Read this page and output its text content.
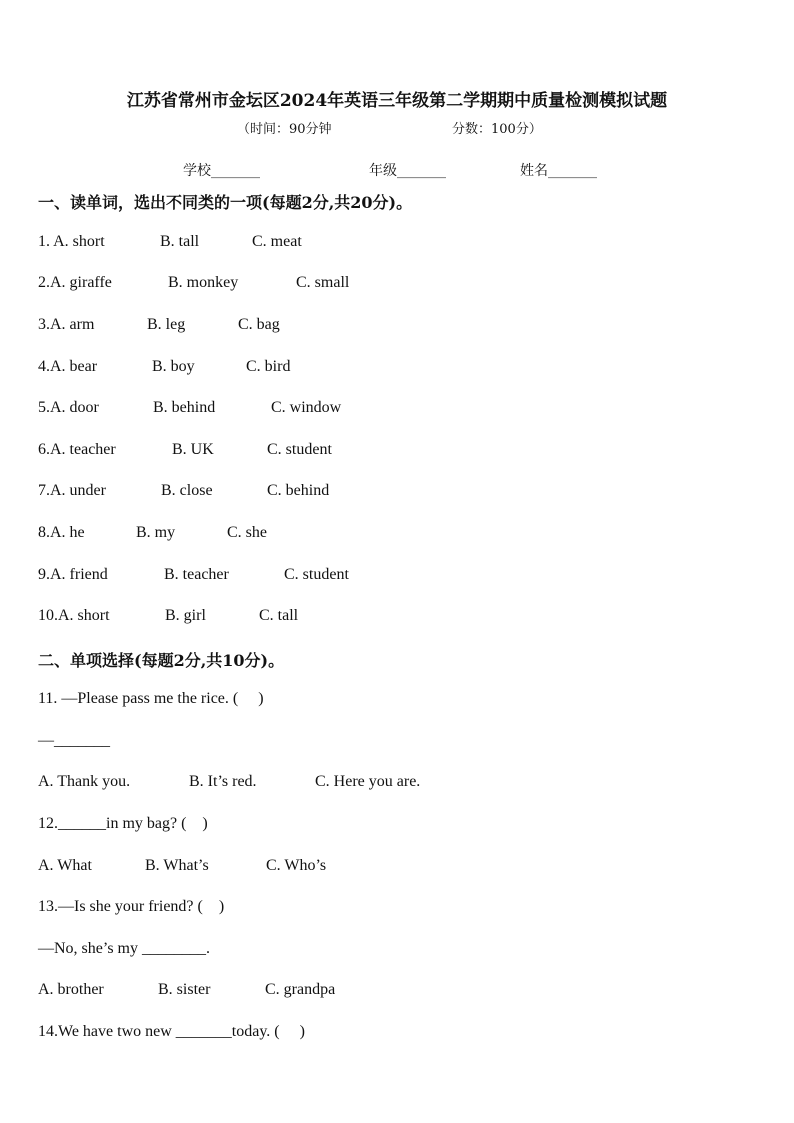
江苏省常州市金坛区2024年英语三年级第二学期期中质量检测模拟试题
（时间：90分钟	分数：100分）
学校_______	年级_______	姓名_______
一、读单词，选出不同类的一项(每题2分,共20分)。
1. A. short	B. tall	C. meat
2.A. giraffe	B. monkey	C. small
3.A. arm	B. leg	C. bag
4.A. bear	B. boy	C. bird
5.A. door	B. behind	C. window
6.A. teacher	B. UK	C. student
7.A. under	B. close	C. behind
8.A. he	B. my	C. she
9.A. friend	B. teacher	C. student
10.A. short	B. girl	C. tall
二、单项选择(每题2分,共10分)。
11. —Please pass me the rice. (     )
—_______
A. Thank you.	B. It’s red.	C. Here you are.
12.______in my bag? (    )
A. What	B. What’s	C. Who’s
13.—Is she your friend? (    )
—No, she’s my ________.
A. brother	B. sister	C. grandpa
14.We have two new _______today. (     )
